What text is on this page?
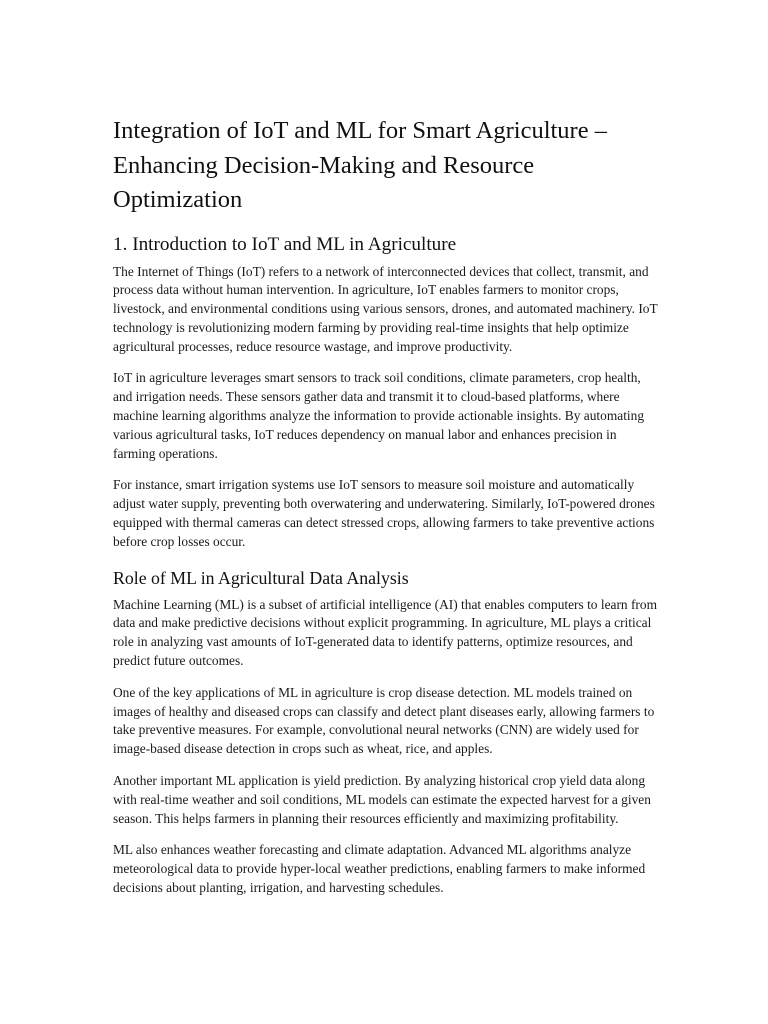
Integration of IoT and ML for Smart Agriculture – Enhancing Decision-Making and Resource Optimization
1. Introduction to IoT and ML in Agriculture

The Internet of Things (IoT) refers to a network of interconnected devices that collect, transmit, and process data without human intervention. In agriculture, IoT enables farmers to monitor crops, livestock, and environmental conditions using various sensors, drones, and automated machinery. IoT technology is revolutionizing modern farming by providing real-time insights that help optimize agricultural processes, reduce resource wastage, and improve productivity.

IoT in agriculture leverages smart sensors to track soil conditions, climate parameters, crop health, and irrigation needs. These sensors gather data and transmit it to cloud-based platforms, where machine learning algorithms analyze the information to provide actionable insights. By automating various agricultural tasks, IoT reduces dependency on manual labor and enhances precision in farming operations.

For instance, smart irrigation systems use IoT sensors to measure soil moisture and automatically adjust water supply, preventing both overwatering and underwatering. Similarly, IoT-powered drones equipped with thermal cameras can detect stressed crops, allowing farmers to take preventive actions before crop losses occur.

Role of ML in Agricultural Data Analysis

Machine Learning (ML) is a subset of artificial intelligence (AI) that enables computers to learn from data and make predictive decisions without explicit programming. In agriculture, ML plays a critical role in analyzing vast amounts of IoT-generated data to identify patterns, optimize resources, and predict future outcomes.

One of the key applications of ML in agriculture is crop disease detection. ML models trained on images of healthy and diseased crops can classify and detect plant diseases early, allowing farmers to take preventive measures. For example, convolutional neural networks (CNN) are widely used for image-based disease detection in crops such as wheat, rice, and apples.

Another important ML application is yield prediction. By analyzing historical crop yield data along with real-time weather and soil conditions, ML models can estimate the expected harvest for a given season. This helps farmers in planning their resources efficiently and maximizing profitability.

ML also enhances weather forecasting and climate adaptation. Advanced ML algorithms analyze meteorological data to provide hyper-local weather predictions, enabling farmers to make informed decisions about planting, irrigation, and harvesting schedules.
